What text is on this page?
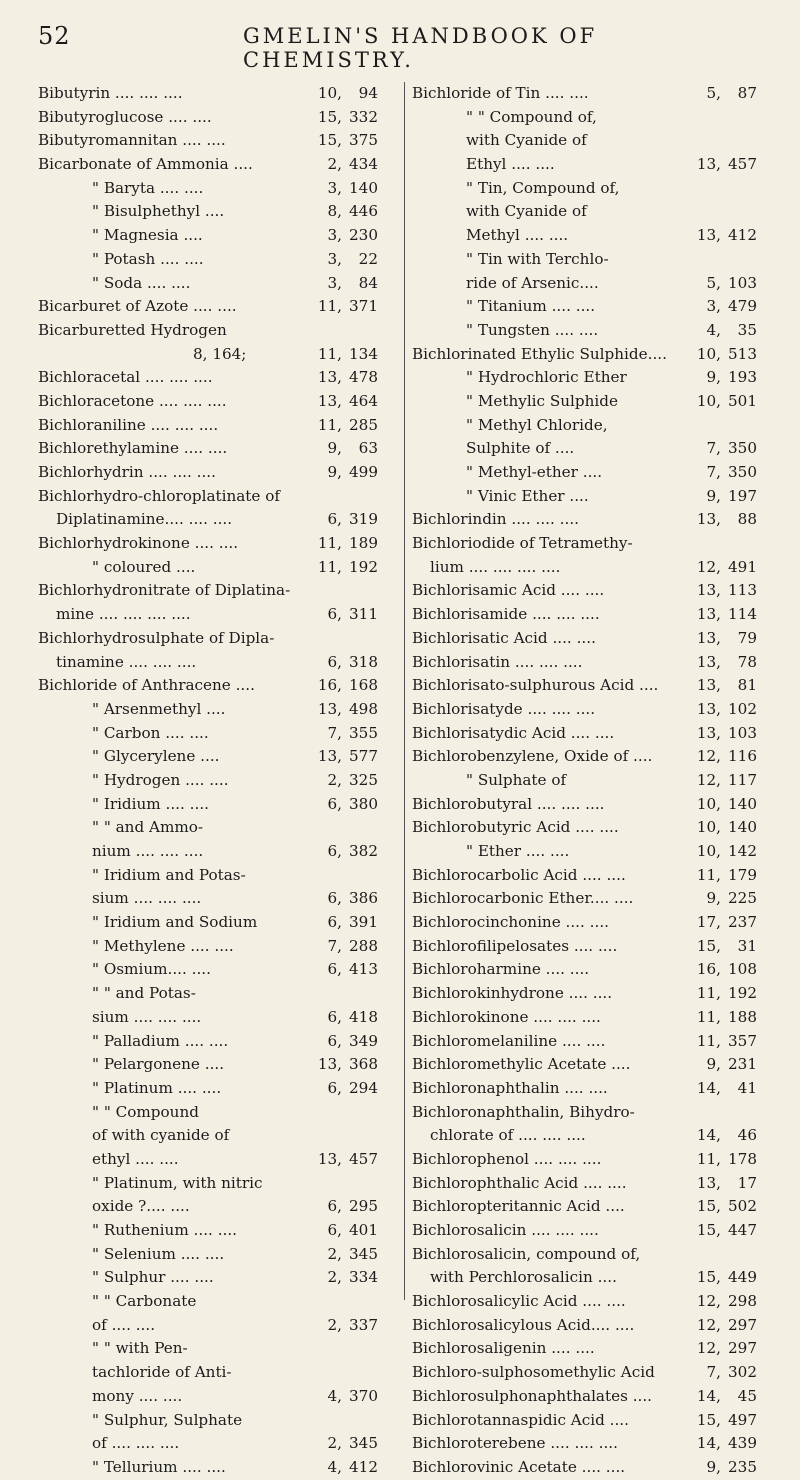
52	GMELIN'S HANDBOOK OF CHEMISTRY.
Bibutyrin .... .... ....	10, 94
Bibutyroglucose .... ....	15, 332
Bibutyromannitan .... ....	15, 375
Bicarbonate of Ammonia ....	2, 434
" Baryta .... ....	3, 140
" Bisulphethyl ....	8, 446
" Magnesia ....	3, 230
" Potash .... ....	3, 22
" Soda .... ....	3, 84
Bicarburet of Azote .... ....	11, 371
Bicarburetted Hydrogen
8, 164;	11, 134
Bichloracetal .... .... ....	13, 478
Bichloracetone .... .... ....	13, 464
Bichloraniline .... .... ....	11, 285
Bichlorethylamine .... ....	9, 63
Bichlorhydrin .... .... ....	9, 499
Bichlorhydro-chloroplatinate of
Diplatinamine.... .... ....	6, 319
Bichlorhydrokinone .... ....	11, 189
" coloured ....	11, 192
Bichlorhydronitrate of Diplatina-
mine .... .... .... ....	6, 311
Bichlorhydrosulphate of Dipla-
tinamine .... .... ....	6, 318
Bichloride of Anthracene ....	16, 168
" Arsenmethyl ....	13, 498
" Carbon .... ....	7, 355
" Glycerylene ....	13, 577
" Hydrogen .... ....	2, 325
" Iridium .... ....	6, 380
" " and Ammo-
nium .... .... ....	6, 382
" Iridium and Potas-
sium .... .... ....	6, 386
" Iridium and Sodium	6, 391
" Methylene .... ....	7, 288
" Osmium.... ....	6, 413
" " and Potas-
sium .... .... ....	6, 418
" Palladium .... ....	6, 349
" Pelargonene ....	13, 368
" Platinum .... ....	6, 294
" " Compound
of with cyanide of
ethyl .... ....	13, 457
" Platinum, with nitric
oxide ?.... ....	6, 295
" Ruthenium .... ....	6, 401
" Selenium .... ....	2, 345
" Sulphur .... ....	2, 334
" " Carbonate
of .... ....	2, 337
" " with Pen-
tachloride of Anti-
mony .... ....	4, 370
" Sulphur, Sulphate
of .... .... ....	2, 345
" Tellurium .... ....	4, 412
Bichloride of Tin .... ....	5, 87
" " Compound of,
with Cyanide of
Ethyl .... ....	13, 457
" Tin, Compound of,
with Cyanide of
Methyl .... ....	13, 412
" Tin with Terchlo-
ride of Arsenic....	5, 103
" Titanium .... ....	3, 479
" Tungsten .... ....	4, 35
Bichlorinated Ethylic Sulphide....	10, 513
" Hydrochloric Ether	9, 193
" Methylic Sulphide	10, 501
" Methyl Chloride,
Sulphite of ....	7, 350
" Methyl-ether ....	7, 350
" Vinic Ether ....	9, 197
Bichlorindin .... .... ....	13, 88
Bichloriodide of Tetramethy-
lium .... .... .... ....	12, 491
Bichlorisamic Acid .... ....	13, 113
Bichlorisamide .... .... ....	13, 114
Bichlorisatic Acid .... ....	13, 79
Bichlorisatin .... .... ....	13, 78
Bichlorisato-sulphurous Acid ....	13, 81
Bichlorisatyde .... .... ....	13, 102
Bichlorisatydic Acid .... ....	13, 103
Bichlorobenzylene, Oxide of ....	12, 116
" Sulphate of	12, 117
Bichlorobutyral .... .... ....	10, 140
Bichlorobutyric Acid .... ....	10, 140
" Ether .... ....	10, 142
Bichlorocarbolic Acid .... ....	11, 179
Bichlorocarbonic Ether.... ....	9, 225
Bichlorocinchonine .... ....	17, 237
Bichlorofilipelosates .... ....	15, 31
Bichloroharmine .... ....	16, 108
Bichlorokinhydrone .... ....	11, 192
Bichlorokinone .... .... ....	11, 188
Bichloromelaniline .... ....	11, 357
Bichloromethylic Acetate ....	9, 231
Bichloronaphthalin .... ....	14, 41
Bichloronaphthalin, Bihydro-
chlorate of .... .... ....	14, 46
Bichlorophenol .... .... ....	11, 178
Bichlorophthalic Acid .... ....	13, 17
Bichloropteritannic Acid ....	15, 502
Bichlorosalicin .... .... ....	15, 447
Bichlorosalicin, compound of,
with Perchlorosalicin ....	15, 449
Bichlorosalicylic Acid .... ....	12, 298
Bichlorosalicylous Acid.... ....	12, 297
Bichlorosaligenin .... ....	12, 297
Bichloro-sulphosomethylic Acid	7, 302
Bichlorosulphonaphthalates ....	14, 45
Bichlorotannaspidic Acid ....	15, 497
Bichloroterebene .... .... ....	14, 439
Bichlorovinic Acetate .... ....	9, 235
